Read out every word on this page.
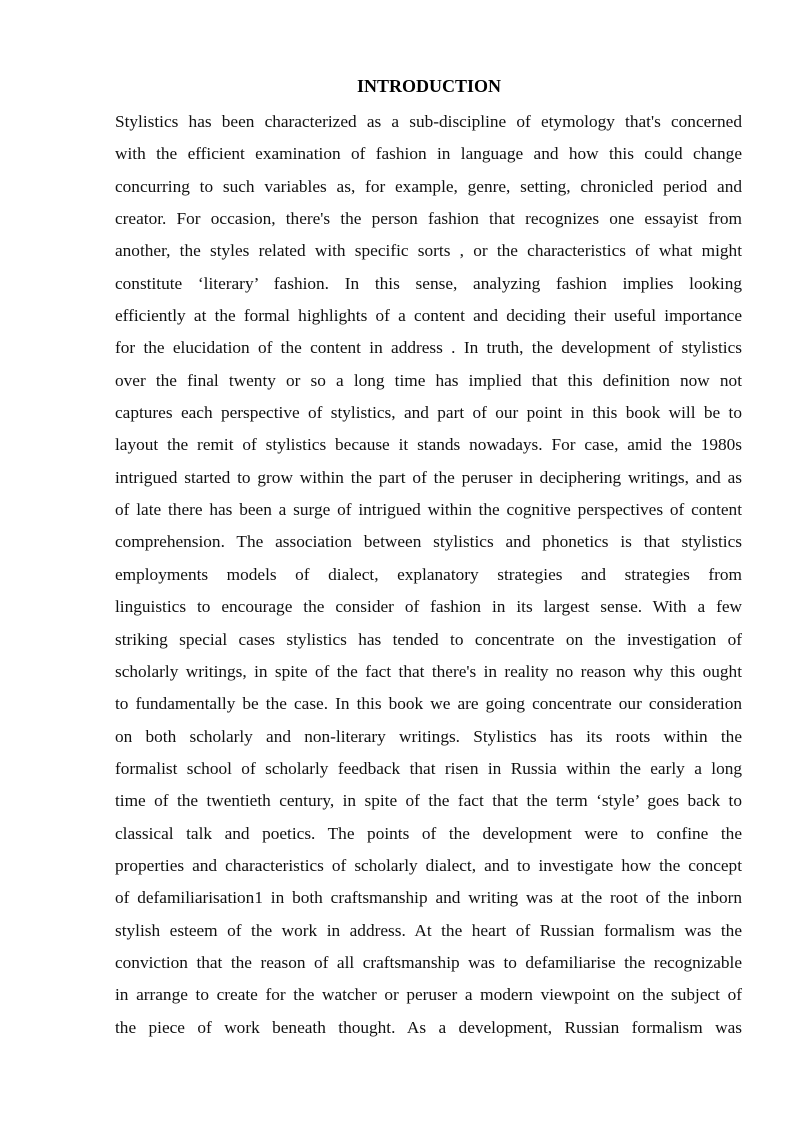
INTRODUCTION
Stylistics has been characterized as a sub-discipline of etymology that's concerned
with the efficient examination of fashion in language and how this could change
concurring to such variables as, for example, genre, setting, chronicled period and
creator. For occasion, there's the person fashion that recognizes one essayist from
another, the styles related with specific sorts , or the characteristics of what might
constitute ‘literary’ fashion. In this sense, analyzing fashion implies looking
efficiently at the formal highlights of a content and deciding their useful importance
for the elucidation of the content in address . In truth, the development of stylistics
over the final twenty or so a long time has implied that this definition now not
captures each perspective of stylistics, and part of our point in this book will be to
layout the remit of stylistics because it stands nowadays. For case, amid the 1980s
intrigued started to grow within the part of the peruser in deciphering writings, and as
of late there has been a surge of intrigued within the cognitive perspectives of content
comprehension. The association between stylistics and phonetics is that stylistics
employments models of dialect, explanatory strategies and strategies from
linguistics to encourage the consider of fashion in its largest sense. With a few
striking special cases stylistics has tended to concentrate on the investigation of
scholarly writings, in spite of the fact that there's in reality no reason why this ought
to fundamentally be the case. In this book we are going concentrate our consideration
on both scholarly and non-literary writings. Stylistics has its roots within the
formalist school of scholarly feedback that risen in Russia within the early a long
time of the twentieth century, in spite of the fact that the term ‘style’ goes back to
classical talk and poetics. The points of the development were to confine the
properties and characteristics of scholarly dialect, and to investigate how the concept
of defamiliarisation1 in both craftsmanship and writing was at the root of the inborn
stylish esteem of the work in address. At the heart of Russian formalism was the
conviction that the reason of all craftsmanship was to defamiliarise the recognizable
in arrange to create for the watcher or peruser a modern viewpoint on the subject of
the piece of work beneath thought. As a development, Russian formalism was
